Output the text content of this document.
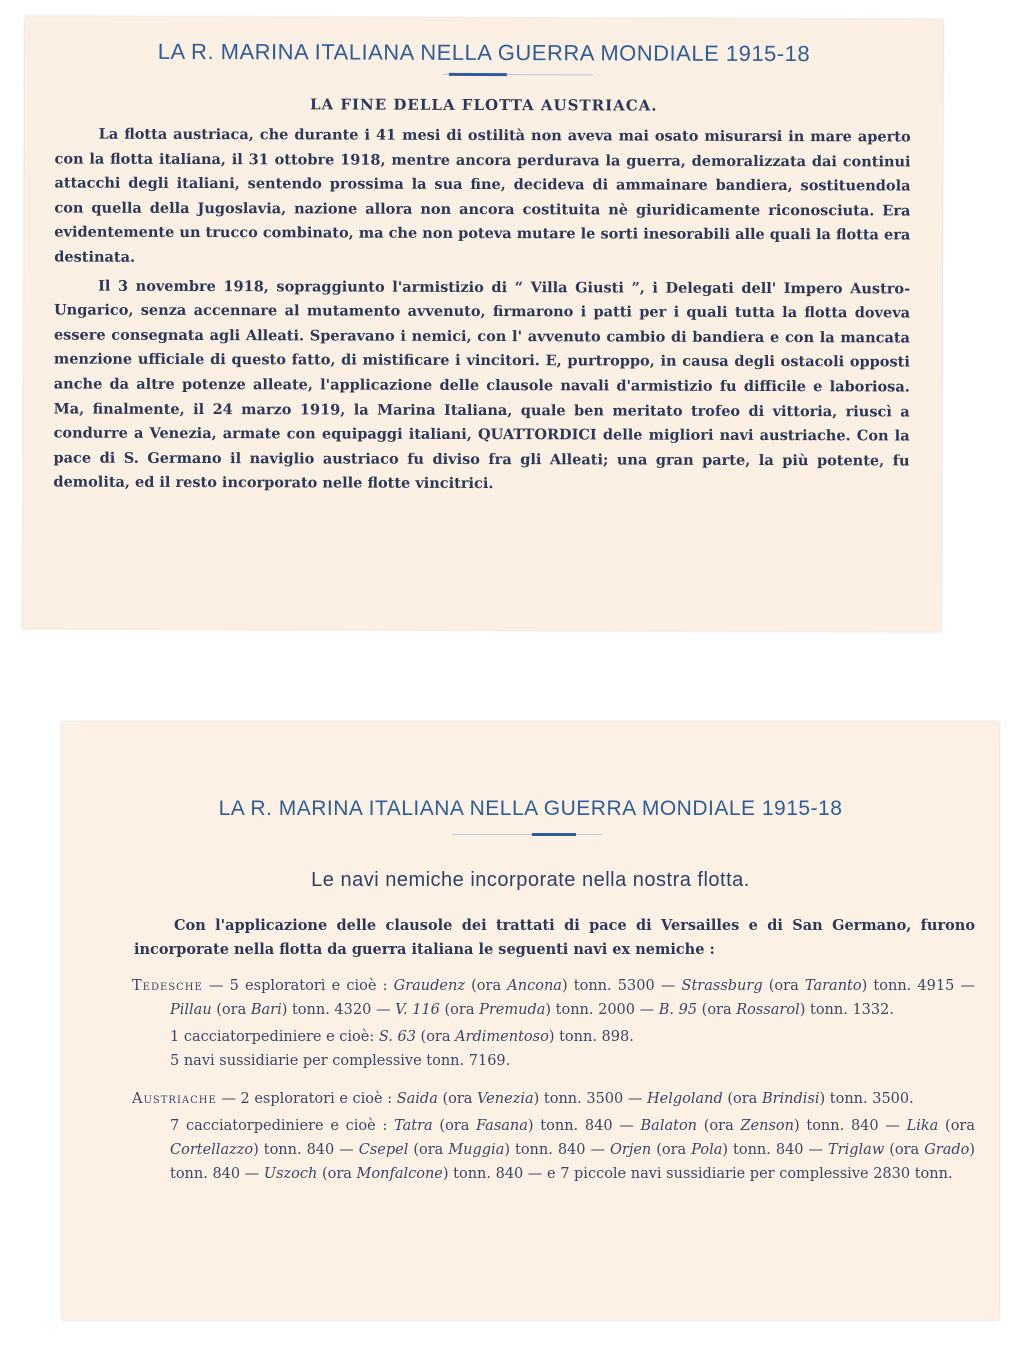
LA R. MARINA ITALIANA NELLA GUERRA MONDIALE 1915-18
LA FINE DELLA FLOTTA AUSTRIACA.

La flotta austriaca, che durante i 41 mesi di ostilità non aveva mai osato misurarsi in mare aperto con la flotta italiana, il 31 ottobre 1918, mentre ancora perdurava la guerra, demoralizzata dai continui attacchi degli italiani, sentendo prossima la sua fine, decideva di ammainare bandiera, sostituendola con quella della Jugoslavia, nazione allora non ancora costituita nè giuridicamente riconosciuta. Era evidentemente un trucco combinato, ma che non poteva mutare le sorti inesorabili alle quali la flotta era destinata.

Il 3 novembre 1918, sopraggiunto l'armistizio di “ Villa Giusti ”, i Delegati dell' Impero Austro-Ungarico, senza accennare al mutamento avvenuto, firmarono i patti per i quali tutta la flotta doveva essere consegnata agli Alleati. Speravano i nemici, con l' avvenuto cambio di bandiera e con la mancata menzione ufficiale di questo fatto, di mistificare i vincitori. E, purtroppo, in causa degli ostacoli opposti anche da altre potenze alleate, l'applicazione delle clausole navali d'armistizio fu difficile e laboriosa. Ma, finalmente, il 24 marzo 1919, la Marina Italiana, quale ben meritato trofeo di vittoria, riuscì a condurre a Venezia, armate con equipaggi italiani, QUATTORDICI delle migliori navi austriache. Con la pace di S. Germano il naviglio austriaco fu diviso fra gli Alleati; una gran parte, la più potente, fu demolita, ed il resto incorporato nelle flotte vincitrici.

LA R. MARINA ITALIANA NELLA GUERRA MONDIALE 1915-18
Le navi nemiche incorporate nella nostra flotta.

Con l'applicazione delle clausole dei trattati di pace di Versailles e di San Germano, furono incorporate nella flotta da guerra italiana le seguenti navi ex nemiche :

Tedesche — 5 esploratori e cioè : Graudenz (ora Ancona) tonn. 5300 — Strassburg (ora Taranto) tonn. 4915 — Pillau (ora Bari) tonn. 4320 — V. 116 (ora Premuda) tonn. 2000 — B. 95 (ora Rossarol) tonn. 1332.
1 cacciatorpediniere e cioè: S. 63 (ora Ardimentoso) tonn. 898.
5 navi sussidiarie per complessive tonn. 7169.
Austriache — 2 esploratori e cioè : Saida (ora Venezia) tonn. 3500 — Helgoland (ora Brindisi) tonn. 3500.
7 cacciatorpediniere e cioè : Tatra (ora Fasana) tonn. 840 — Balaton (ora Zenson) tonn. 840 — Lika (ora Cortellazzo) tonn. 840 — Csepel (ora Muggia) tonn. 840 — Orjen (ora Pola) tonn. 840 — Triglaw (ora Grado) tonn. 840 — Uszoch (ora Monfalcone) tonn. 840 — e 7 piccole navi sussidiarie per complessive 2830 tonn.
